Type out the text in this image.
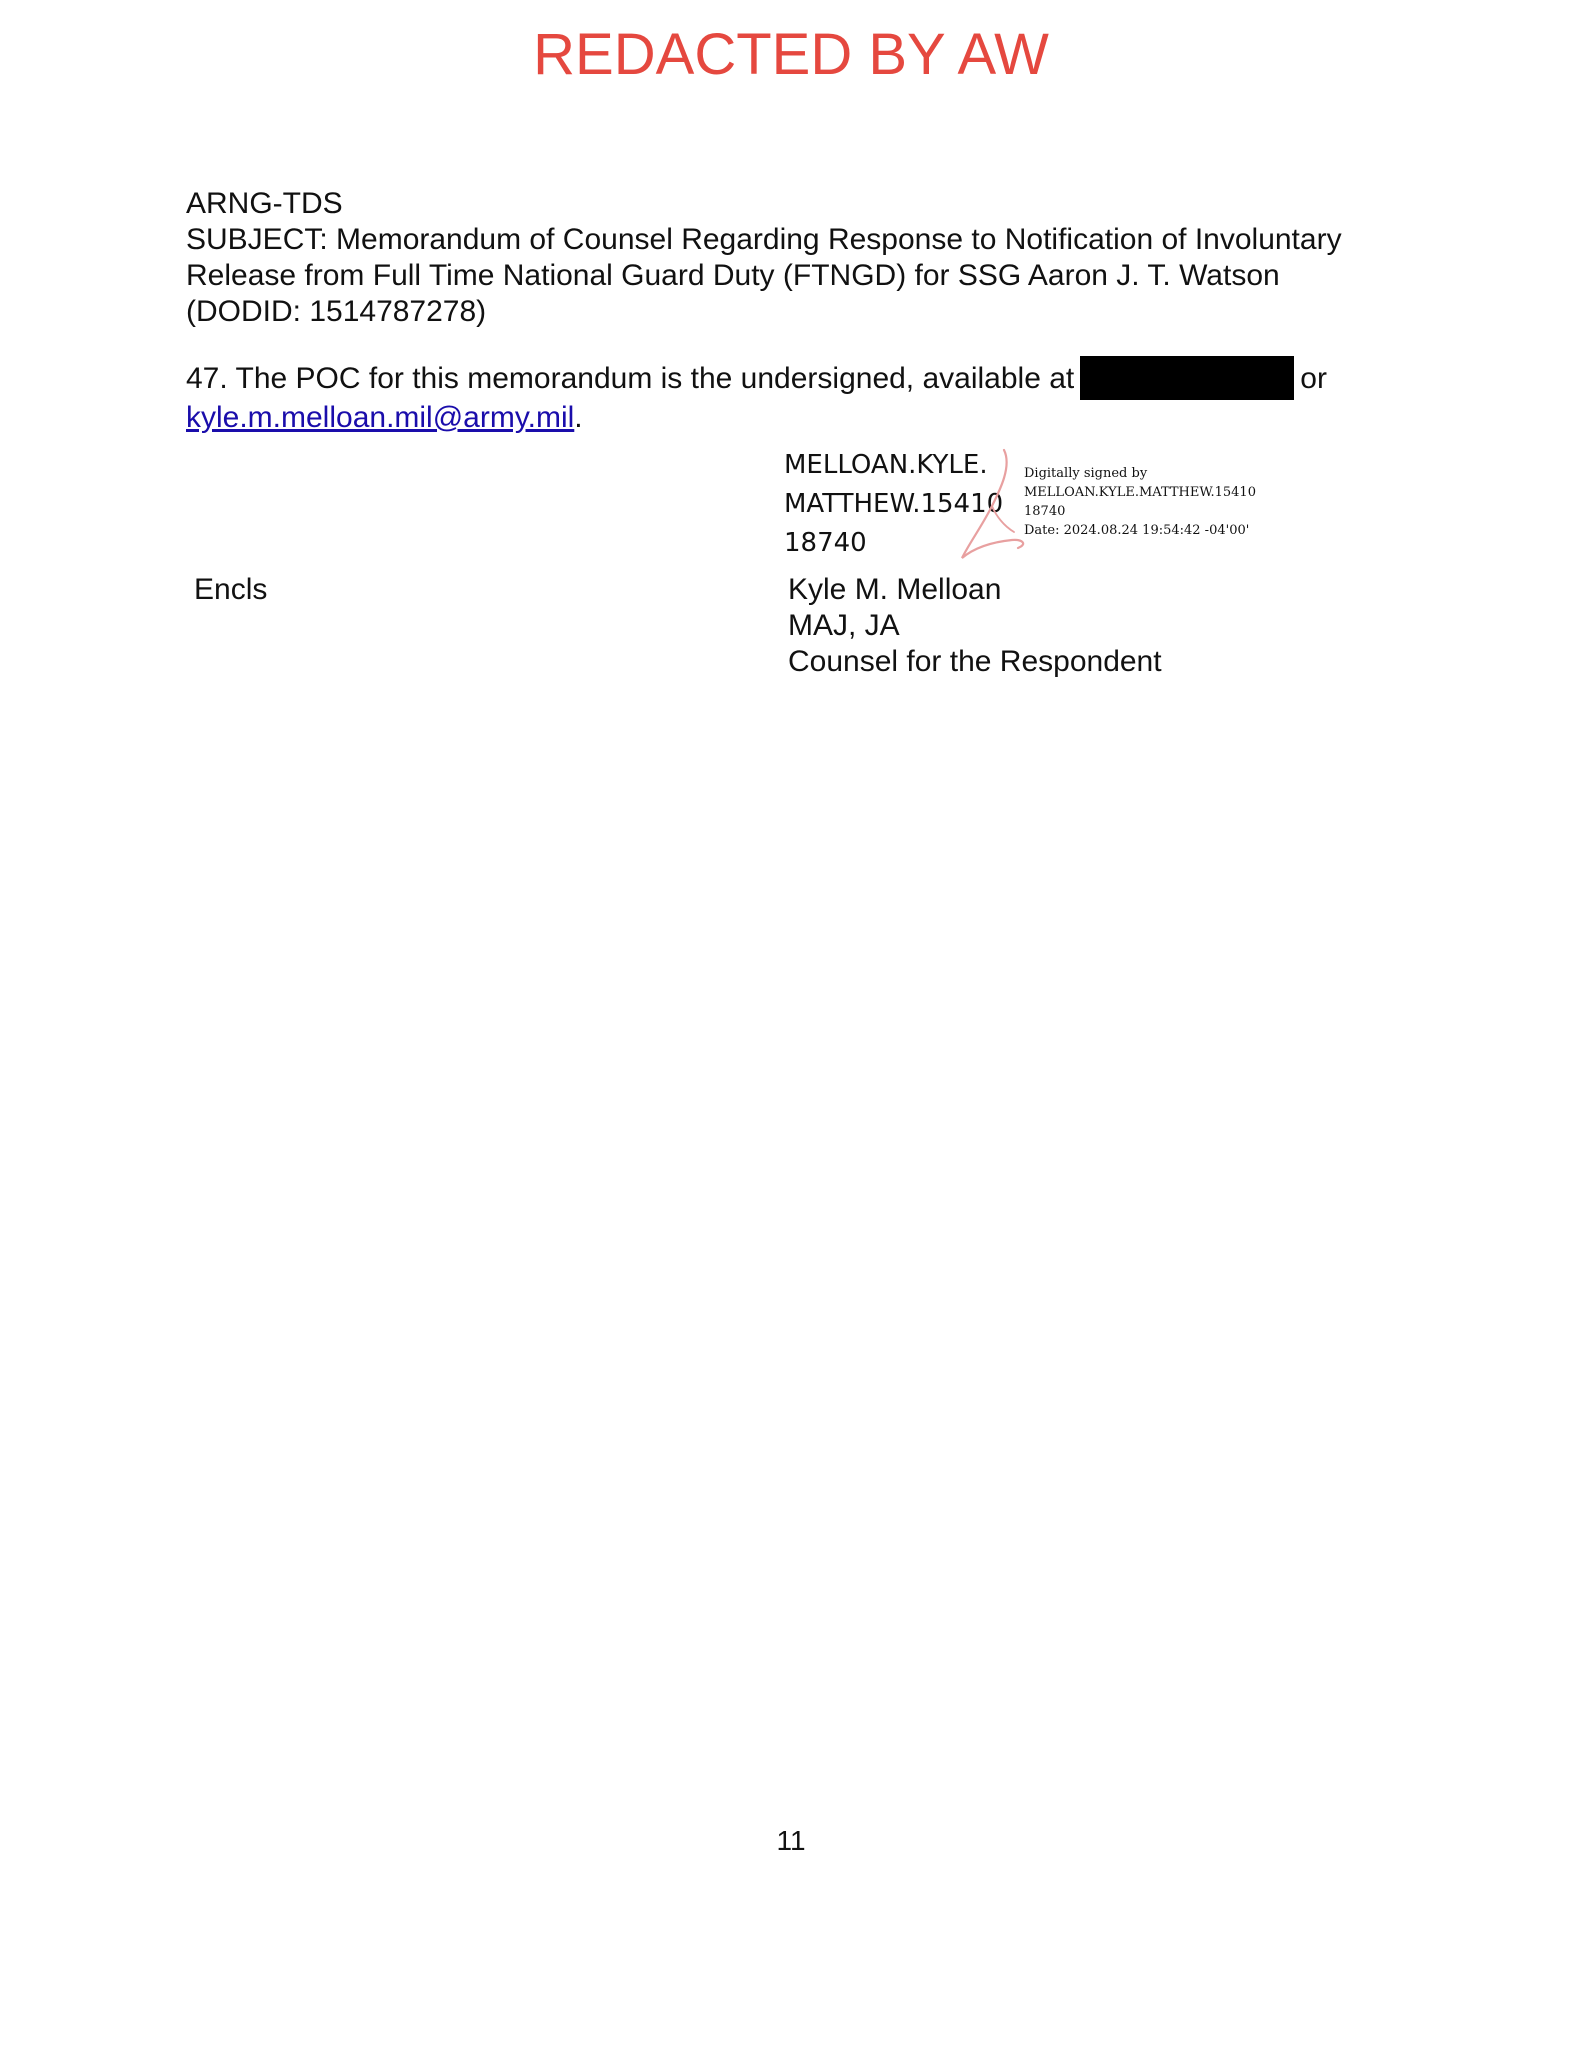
REDACTED BY AW
ARNG-TDS
SUBJECT: Memorandum of Counsel Regarding Response to Notification of Involuntary
Release from Full Time National Guard Duty (FTNGD) for SSG Aaron J. T. Watson
(DODID: 1514787278)
47. The POC for this memorandum is the undersigned, available at	or
kyle.m.melloan.mil@army.mil.
MELLOAN.KYLE.
MATTHEW.15410
18740
Digitally signed by
MELLOAN.KYLE.MATTHEW.15410
18740
Date: 2024.08.24 19:54:42 -04'00'
Encls	Kyle M. Melloan
MAJ, JA
Counsel for the Respondent
11
